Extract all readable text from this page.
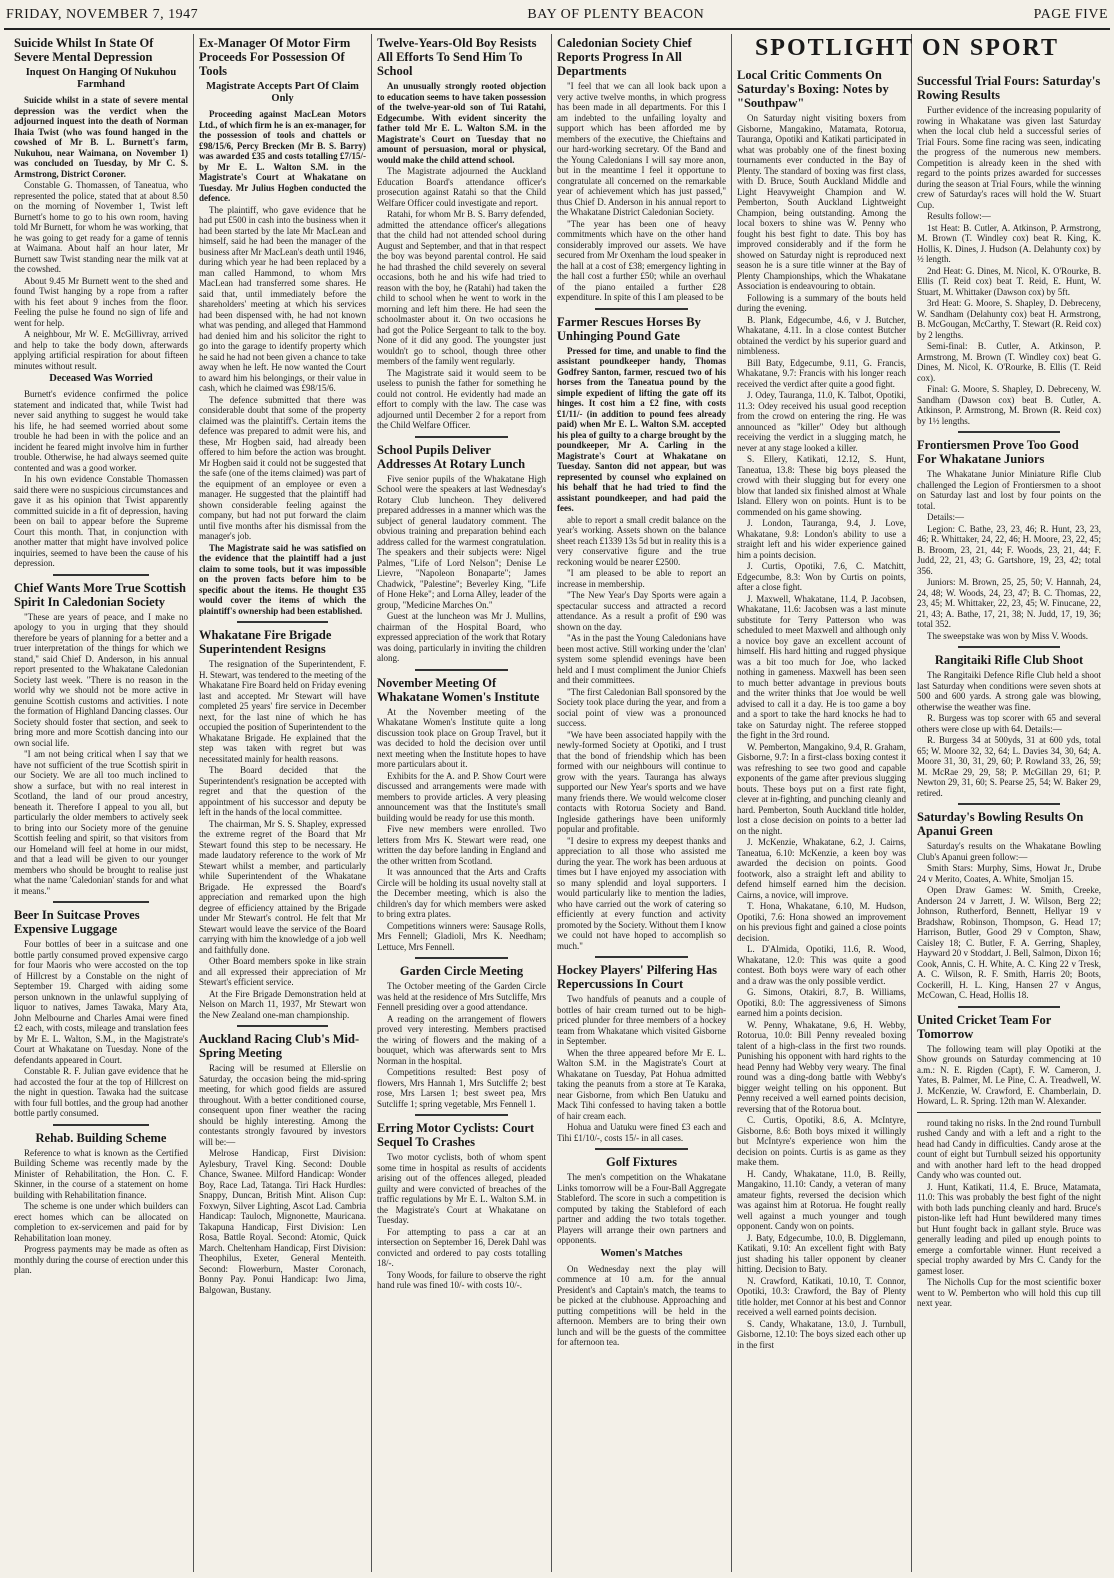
FRIDAY, NOVEMBER 7, 1947	BAY OF PLENTY BEACON	PAGE FIVE
Suicide Whilst In State Of Severe Mental Depression
Inquest On Hanging Of Nukuhou Farmhand

Suicide whilst in a state of severe mental depression was the verdict when the adjourned inquest into the death of Norman Ihaia Twist (who was found hanged in the cowshed of Mr B. L. Burnett's farm, Nukuhou, near Waimana, on November 1) was concluded on Tuesday, by Mr C. S. Armstrong, District Coroner.

Constable G. Thomassen, of Taneatua, who represented the police, stated that at about 8.50 on the morning of November 1, Twist left Burnett's home to go to his own room, having told Mr Burnett, for whom he was working, that he was going to get ready for a game of tennis at Waimana. About half an hour later, Mr Burnett saw Twist standing near the milk vat at the cowshed.

About 9.45 Mr Burnett went to the shed and found Twist hanging by a rope from a rafter with his feet about 9 inches from the floor. Feeling the pulse he found no sign of life and went for help.

A neighbour, Mr W. E. McGillivray, arrived and help to take the body down, afterwards applying artificial respiration for about fifteen minutes without result.

Deceased Was Worried

Burnett's evidence confirmed the police statement and indicated that, while Twist had never said anything to suggest he would take his life, he had seemed worried about some trouble he had been in with the police and an incident he feared might involve him in further trouble. Otherwise, he had always seemed quite contented and was a good worker.

In his own evidence Constable Thomassen said there were no suspicious circumstances and gave it as his opinion that Twist apparently committed suicide in a fit of depression, having been on bail to appear before the Supreme Court this month. That, in conjunction with another matter that might have involved police inquiries, seemed to have been the cause of his depression.

Chief Wants More True Scottish Spirit In Caledonian Society

"These are years of peace, and I make no apology to you in urging that they should therefore be years of planning for a better and a truer interpretation of the things for which we stand," said Chief D. Anderson, in his annual report presented to the Whakatane Caledonian Society last week. "There is no reason in the world why we should not be more active in genuine Scottish customs and activities. I note the formation of Highland Dancing classes. Our Society should foster that section, and seek to bring more and more Scottish dancing into our own social life.

"I am not being critical when I say that we have not sufficient of the true Scottish spirit in our Society. We are all too much inclined to show a surface, but with no real interest in Scotland, the land of our proud ancestry, beneath it. Therefore I appeal to you all, but particularly the older members to actively seek to bring into our Society more of the genuine Scottish feeling and spirit, so that visitors from our Homeland will feel at home in our midst, and that a lead will be given to our younger members who should be brought to realise just what the name 'Caledonian' stands for and what it means."

Beer In Suitcase Proves Expensive Luggage

Four bottles of beer in a suitcase and one bottle partly consumed proved expensive cargo for four Maoris who were accosted on the top of Hillcrest by a Constable on the night of September 19. Charged with aiding some person unknown in the unlawful supplying of liquor to natives, James Tawaka, Mary Ata, John Melbourne and Charles Amai were fined £2 each, with costs, mileage and translation fees by Mr E. L. Walton, S.M., in the Magistrate's Court at Whakatane on Tuesday. None of the defendants appeared in Court.

Constable R. F. Julian gave evidence that he had accosted the four at the top of Hillcrest on the night in question. Tawaka had the suitcase with four full bottles, and the group had another bottle partly consumed.

Rehab. Building Scheme

Reference to what is known as the Certified Building Scheme was recently made by the Minister of Rehabilitation, the Hon. C. F. Skinner, in the course of a statement on home building with Rehabilitation finance.

The scheme is one under which builders can erect homes which can be allocated on completion to ex-servicemen and paid for by Rehabilitation loan money.

Progress payments may be made as often as monthly during the course of erection under this plan.

Ex-Manager Of Motor Firm Proceeds For Possession Of Tools
Magistrate Accepts Part Of Claim Only

Proceeding against MacLean Motors Ltd., of which firm he is an ex-manager, for the possession of tools and chattels or £98/15/6, Percy Brecken (Mr B. S. Barry) was awarded £35 and costs totalling £7/15/- by Mr E. L. Walton S.M. in the Magistrate's Court at Whakatane on Tuesday. Mr Julius Hogben conducted the defence.

The plaintiff, who gave evidence that he had put £500 in cash into the business when it had been started by the late Mr MacLean and himself, said he had been the manager of the business after Mr MacLean's death until 1946, during which year he had been replaced by a man called Hammond, to whom Mrs MacLean had transferred some shares. He said that, until immediately before the shareholders' meeting at which his services had been dispensed with, he had not known what was pending, and alleged that Hammond had denied him and his solicitor the right to go into the garage to identify property which he said he had not been given a chance to take away when he left. He now wanted the Court to award him his belongings, or their value in cash, which he claimed was £98/15/6.

The defence submitted that there was considerable doubt that some of the property claimed was the plaintiff's. Certain items the defence was prepared to admit were his, and these, Mr Hogben said, had already been offered to him before the action was brought. Mr Hogben said it could not be suggested that the safe (one of the items claimed) was part of the equipment of an employee or even a manager. He suggested that the plaintiff had shown considerable feeling against the company, but had not put forward the claim until five months after his dismissal from the manager's job.

The Magistrate said he was satisfied on the evidence that the plaintiff had a just claim to some tools, but it was impossible on the proven facts before him to be specific about the items. He thought £35 would cover the items of which the plaintiff's ownership had been established.

Whakatane Fire Brigade Superintendent Resigns

The resignation of the Superintendent, F. H. Stewart, was tendered to the meeting of the Whakatane Fire Board held on Friday evening last and accepted. Mr Stewart will have completed 25 years' fire service in December next, for the last nine of which he has occupied the position of Superintendent to the Whakatane Brigade. He explained that the step was taken with regret but was necessitated mainly for health reasons.

The Board decided that the Superintendent's resignation be accepted with regret and that the question of the appointment of his successor and deputy be left in the hands of the local committee.

The chairman, Mr S. S. Shapley, expressed the extreme regret of the Board that Mr Stewart found this step to be necessary. He made laudatory reference to the work of Mr Stewart whilst a member, and particularly while Superintendent of the Whakatane Brigade. He expressed the Board's appreciation and remarked upon the high degree of efficiency attained by the Brigade under Mr Stewart's control. He felt that Mr Stewart would leave the service of the Board carrying with him the knowledge of a job well and faithfully done.

Other Board members spoke in like strain and all expressed their appreciation of Mr Stewart's efficient service.

At the Fire Brigade Demonstration held at Nelson on March 11, 1937, Mr Stewart won the New Zealand one-man championship.

Auckland Racing Club's Mid-Spring Meeting

Racing will be resumed at Ellerslie on Saturday, the occasion being the mid-spring meeting, for which good fields are assured throughout. With a better conditioned course, consequent upon finer weather the racing should be highly interesting. Among the contestants strongly favoured by investors will be:—

Melrose Handicap, First Division: Aylesbury, Travel King. Second: Double Chance, Swanee. Milford Handicap: Wonder Boy, Race Lad, Tatanga. Tiri Hack Hurdles: Snappy, Duncan, British Mint. Alison Cup: Foxwyn, Silver Lighting, Ascot Lad. Cambria Handicap: Tauloch, Mignonette, Mauricana. Takapuna Handicap, First Division: Len Rosa, Battle Royal. Second: Atomic, Quick March. Cheltenham Handicap, First Division: Theophilus, Exeter, General Menteith. Second: Flowerburn, Master Coronach, Bonny Pay. Ponui Handicap: Iwo Jima, Balgowan, Bustany.

Twelve-Years-Old Boy Resists All Efforts To Send Him To School

An unusually strongly rooted objection to education seems to have taken possession of the twelve-year-old son of Tui Ratahi, Edgecumbe. With evident sincerity the father told Mr E. L. Walton S.M. in the Magistrate's Court on Tuesday that no amount of persuasion, moral or physical, would make the child attend school.

The Magistrate adjourned the Auckland Education Board's attendance officer's prosecution against Ratahi so that the Child Welfare Officer could investigate and report.

Ratahi, for whom Mr B. S. Barry defended, admitted the attendance officer's allegations that the child had not attended school during August and September, and that in that respect the boy was beyond parental control. He said he had thrashed the child severely on several occasions, both he and his wife had tried to reason with the boy, he (Ratahi) had taken the child to school when he went to work in the morning and left him there. He had seen the schoolmaster about it. On two occasions he had got the Police Sergeant to talk to the boy. None of it did any good. The youngster just wouldn't go to school, though three other members of the family went regularly.

The Magistrate said it would seem to be useless to punish the father for something he could not control. He evidently had made an effort to comply with the law. The case was adjourned until December 2 for a report from the Child Welfare Officer.

School Pupils Deliver Addresses At Rotary Lunch

Five senior pupils of the Whakatane High School were the speakers at last Wednesday's Rotary Club luncheon. They delivered prepared addresses in a manner which was the subject of general laudatory comment. The obvious training and preparation behind each address called for the warmest congratulation. The speakers and their subjects were: Nigel Palmes, "Life of Lord Nelson"; Denise Le Lievre, "Napoleon Bonaparte"; James Chadwick, "Palestine"; Beverley King, "Life of Hone Heke"; and Lorna Alley, leader of the group, "Medicine Marches On."

Guest at the luncheon was Mr J. Mullins, chairman of the Hospital Board, who expressed appreciation of the work that Rotary was doing, particularly in inviting the children along.

November Meeting Of Whakatane Women's Institute

At the November meeting of the Whakatane Women's Institute quite a long discussion took place on Group Travel, but it was decided to hold the decision over until next meeting when the Institute hopes to have more particulars about it.

Exhibits for the A. and P. Show Court were discussed and arrangements were made with members to provide articles. A very pleasing announcement was that the Institute's small building would be ready for use this month.

Five new members were enrolled. Two letters from Mrs K. Stewart were read, one written the day before landing in England and the other written from Scotland.

It was announced that the Arts and Crafts Circle will be holding its usual novelty stall at the December meeting, which is also the children's day for which members were asked to bring extra plates.

Competitions winners were: Sausage Rolls, Mrs Fennell; Gladioli, Mrs K. Needham; Lettuce, Mrs Fennell.

Garden Circle Meeting

The October meeting of the Garden Circle was held at the residence of Mrs Sutcliffe, Mrs Fennell presiding over a good attendance.

A reading on the arrangement of flowers proved very interesting. Members practised the wiring of flowers and the making of a bouquet, which was afterwards sent to Mrs Norman in the hospital.

Competitions resulted: Best posy of flowers, Mrs Hannah 1, Mrs Sutcliffe 2; best rose, Mrs Larsen 1; best sweet pea, Mrs Sutcliffe 1; spring vegetable, Mrs Fennell 1.

Erring Motor Cyclists: Court Sequel To Crashes

Two motor cyclists, both of whom spent some time in hospital as results of accidents arising out of the offences alleged, pleaded guilty and were convicted of breaches of the traffic regulations by Mr E. L. Walton S.M. in the Magistrate's Court at Whakatane on Tuesday.

For attempting to pass a car at an intersection on September 16, Derek Dahl was convicted and ordered to pay costs totalling 18/-.

Tony Woods, for failure to observe the right hand rule was fined 10/- with costs 10/-.

Caledonian Society Chief Reports Progress In All Departments

"I feel that we can all look back upon a very active twelve months, in which progress has been made in all departments. For this I am indebted to the unfailing loyalty and support which has been afforded me by members of the executive, the Chieftains and our hard-working secretary. Of the Band and the Young Caledonians I will say more anon, but in the meantime I feel it opportune to congratulate all concerned on the remarkable year of achievement which has just passed," thus Chief D. Anderson in his annual report to the Whakatane District Caledonian Society.

"The year has been one of heavy commitments which have on the other hand considerably improved our assets. We have secured from Mr Oxenham the loud speaker in the hall at a cost of £38; emergency lighting in the hall cost a further £50; while an overhaul of the piano entailed a further £28 expenditure. In spite of this I am pleased to be

Farmer Rescues Horses By Unhinging Pound Gate

Pressed for time, and unable to find the assistant poundkeeper handy, Thomas Godfrey Santon, farmer, rescued two of his horses from the Taneatua pound by the simple expedient of lifting the gate off its hinges. It cost him a £2 fine, with costs £1/11/- (in addition to pound fees already paid) when Mr E. L. Walton S.M. accepted his plea of guilty to a charge brought by the poundkeeper, Mr A. Carling in the Magistrate's Court at Whakatane on Tuesday. Santon did not appear, but was represented by counsel who explained on his behalf that he had tried to find the assistant poundkeeper, and had paid the fees.

able to report a small credit balance on the year's working. Assets shown on the balance sheet reach £1339 13s 5d but in reality this is a very conservative figure and the true reckoning would be nearer £2500.

"I am pleased to be able to report an increase in membership.

"The New Year's Day Sports were again a spectacular success and attracted a record attendance. As a result a profit of £90 was shown on the day.

"As in the past the Young Caledonians have been most active. Still working under the 'clan' system some splendid evenings have been held and I must compliment the Junior Chiefs and their committees.

"The first Caledonian Ball sponsored by the Society took place during the year, and from a social point of view was a pronounced success.

"We have been associated happily with the newly-formed Society at Opotiki, and I trust that the bond of friendship which has been formed with our neighbours will continue to grow with the years. Tauranga has always supported our New Year's sports and we have many friends there. We would welcome closer contacts with Rotorua Society and Band. Ingleside gatherings have been uniformly popular and profitable.

"I desire to express my deepest thanks and appreciation to all those who assisted me during the year. The work has been arduous at times but I have enjoyed my association with so many splendid and loyal supporters. I would particularly like to mention the ladies, who have carried out the work of catering so efficiently at every function and activity promoted by the Society. Without them I know we could not have hoped to accomplish so much."

Hockey Players' Pilfering Has Repercussions In Court

Two handfuls of peanuts and a couple of bottles of hair cream turned out to be high-priced plunder for three members of a hockey team from Whakatane which visited Gisborne in September.

When the three appeared before Mr E. L. Walton S.M. in the Magistrate's Court at Whakatane on Tuesday, Pat Hohua admitted taking the peanuts from a store at Te Karaka, near Gisborne, from which Ben Uatuku and Mack Tihi confessed to having taken a bottle of hair cream each.

Hohua and Uatuku were fined £3 each and Tihi £1/10/-, costs 15/- in all cases.

Golf Fixtures

The men's competition on the Whakatane Links tomorrow will be a Four-Ball Aggregate Stableford. The score in such a competition is computed by taking the Stableford of each partner and adding the two totals together. Players will arrange their own partners and opponents.

Women's Matches

On Wednesday next the play will commence at 10 a.m. for the annual President's and Captain's match, the teams to be picked at the clubhouse. Approaching and putting competitions will be held in the afternoon. Members are to bring their own lunch and will be the guests of the committee for afternoon tea.

SPOTLIGHT ON SPORT
Local Critic Comments On Saturday's Boxing: Notes by "Southpaw"

On Saturday night visiting boxers from Gisborne, Mangakino, Matamata, Rotorua, Tauranga, Opotiki and Katikati participated in what was probably one of the finest boxing tournaments ever conducted in the Bay of Plenty. The standard of boxing was first class, with D. Bruce, South Auckland Middle and Light Heavyweight Champion and W. Pemberton, South Auckland Lightweight Champion, being outstanding. Among the local boxers to shine was W. Penny who fought his best fight to date. This boy has improved considerably and if the form he showed on Saturday night is reproduced next season he is a sure title winner at the Bay of Plenty Championships, which the Whakatane Association is endeavouring to obtain.

Following is a summary of the bouts held during the evening.

B. Plank, Edgecumbe, 4.6, v J. Butcher, Whakatane, 4.11. In a close contest Butcher obtained the verdict by his superior guard and nimbleness.

Bill Baty, Edgecumbe, 9.11, G. Francis, Whakatane, 9.7: Francis with his longer reach received the verdict after quite a good fight.

J. Odey, Tauranga, 11.0, K. Talbot, Opotiki, 11.3: Odey received his usual good reception from the crowd on entering the ring. He was announced as "killer" Odey but although receiving the verdict in a slugging match, he never at any stage looked a killer.

S. Ellery, Katikati, 12.12, S. Hunt, Taneatua, 13.8: These big boys pleased the crowd with their slugging but for every one blow that landed six finished almost at Whale Island. Ellery won on points. Hunt is to be commended on his game showing.

J. London, Tauranga, 9.4, J. Love, Whakatane, 9.8: London's ability to use a straight left and his wider experience gained him a points decision.

J. Curtis, Opotiki, 7.6, C. Matchitt, Edgecumbe, 8.3: Won by Curtis on points, after a close fight.

J. Maxwell, Whakatane, 11.4, P. Jacobsen, Whakatane, 11.6: Jacobsen was a last minute substitute for Terry Patterson who was scheduled to meet Maxwell and although only a novice boy gave an excellent account of himself. His hard hitting and rugged physique was a bit too much for Joe, who lacked nothing in gameness. Maxwell has been seen to much better advantage in previous bouts and the writer thinks that Joe would be well advised to call it a day. He is too game a boy and a sport to take the hard knocks he had to take on Saturday night. The referee stopped the fight in the 3rd round.

W. Pemberton, Mangakino, 9.4, R. Graham, Gisborne, 9.7: In a first-class boxing contest it was refreshing to see two good and capable exponents of the game after previous slugging bouts. These boys put on a first rate fight, clever at in-fighting, and punching cleanly and hard. Pemberton, South Auckland title holder, lost a close decision on points to a better lad on the night.

J. McKenzie, Whakatane, 6.2, J. Cairns, Taneatua, 6.10: McKenzie, a keen boy was awarded the decision on points. Good footwork, also a straight left and ability to defend himself earned him the decision. Cairns, a novice, will improve.

T. Hona, Whakatane, 6.10, M. Hudson, Opotiki, 7.6: Hona showed an improvement on his previous fight and gained a close points decision.

L. D'Almida, Opotiki, 11.6, R. Wood, Whakatane, 12.0: This was quite a good contest. Both boys were wary of each other and a draw was the only possible verdict.

G. Simons, Otakiri, 8.7, B. Williams, Opotiki, 8.0: The aggressiveness of Simons earned him a points decision.

W. Penny, Whakatane, 9.6, H. Webby, Rotorua, 10.0: Bill Penny revealed boxing talent of a high-class in the first two rounds. Punishing his opponent with hard rights to the head Penny had Webby very weary. The final round was a ding-dong battle with Webby's bigger weight telling on his opponent. But Penny received a well earned points decision, reversing that of the Rotorua bout.

C. Curtis, Opotiki, 8.6, A. McIntyre, Gisborne, 8.6: Both boys mixed it willingly but McIntyre's experience won him the decision on points. Curtis is as game as they make them.

H. Candy, Whakatane, 11.0, B. Reilly, Mangakino, 11.10: Candy, a veteran of many amateur fights, reversed the decision which was against him at Rotorua. He fought really well against a much younger and tough opponent. Candy won on points.

J. Baty, Edgecumbe, 10.0, B. Digglemann, Katikati, 9.10: An excellent fight with Baty just shading his taller opponent by cleaner hitting. Decision to Baty.

N. Crawford, Katikati, 10.10, T. Connor, Opotiki, 10.3: Crawford, the Bay of Plenty title holder, met Connor at his best and Connor received a well earned points decision.

S. Candy, Whakatane, 13.0, J. Turnbull, Gisborne, 12.10: The boys sized each other up in the first

Successful Trial Fours: Saturday's Rowing Results

Further evidence of the increasing popularity of rowing in Whakatane was given last Saturday when the local club held a successful series of Trial Fours. Some fine racing was seen, indicating the progress of the numerous new members. Competition is already keen in the shed with regard to the points prizes awarded for successes during the season at Trial Fours, while the winning crew of Saturday's races will hold the W. Stuart Cup.

Results follow:—

1st Heat: B. Cutler, A. Atkinson, P. Armstrong, M. Brown (T. Windley cox) beat R. King, K. Hollis, K. Dines, J. Hudson (A. Delahunty cox) by ½ length.

2nd Heat: G. Dines, M. Nicol, K. O'Rourke, B. Ellis (T. Reid cox) beat T. Reid, E. Hunt, W. Stuart, M. Whittaker (Dawson cox) by 5ft.

3rd Heat: G. Moore, S. Shapley, D. Debreceny, W. Sandham (Delahunty cox) beat H. Armstrong, B. McGougan, McCarthy, T. Stewart (R. Reid cox) by 2 lengths.

Semi-final: B. Cutler, A. Atkinson, P. Armstrong, M. Brown (T. Windley cox) beat G. Dines, M. Nicol, K. O'Rourke, B. Ellis (T. Reid cox).

Final: G. Moore, S. Shapley, D. Debreceny, W. Sandham (Dawson cox) beat B. Cutler, A. Atkinson, P. Armstrong, M. Brown (R. Reid cox) by 1½ lengths.

Frontiersmen Prove Too Good For Whakatane Juniors

The Whakatane Junior Miniature Rifle Club challenged the Legion of Frontiersmen to a shoot on Saturday last and lost by four points on the total.

Details:—

Legion: C. Bathe, 23, 23, 46; R. Hunt, 23, 23, 46; R. Whittaker, 24, 22, 46; H. Moore, 23, 22, 45; B. Broom, 23, 21, 44; F. Woods, 23, 21, 44; F. Judd, 22, 21, 43; G. Gartshore, 19, 23, 42; total 356.

Juniors: M. Brown, 25, 25, 50; V. Hannah, 24, 24, 48; W. Woods, 24, 23, 47; B. C. Thomas, 22, 23, 45; M. Whittaker, 22, 23, 45; W. Finucane, 22, 21, 43; A. Bathe, 17, 21, 38; N. Judd, 17, 19, 36; total 352.

The sweepstake was won by Miss V. Woods.

Rangitaiki Rifle Club Shoot

The Rangitaiki Defence Rifle Club held a shoot last Saturday when conditions were seven shots at 500 and 600 yards. A strong gale was blowing, otherwise the weather was fine.

R. Burgess was top scorer with 65 and several others were close up with 64. Details:—

R. Burgess 34 at 500yds, 31 at 600 yds, total 65; W. Moore 32, 32, 64; L. Davies 34, 30, 64; A. Moore 31, 30, 31, 29, 60; P. Rowland 33, 26, 59; M. McRae 29, 29, 58; P. McGillan 29, 61; P. Newton 29, 31, 60; S. Pearse 25, 54; W. Baker 29, retired.

Saturday's Bowling Results On Apanui Green

Saturday's results on the Whakatane Bowling Club's Apanui green follow:—

Smith Stars: Murphy, Sims, Howat Jr., Drube 24 v Merito, Coates, A. White, Smoljan 15.

Open Draw Games: W. Smith, Creeke, Anderson 24 v Jarrett, J. W. Wilson, Berg 22; Johnson, Rutherford, Bennett, Hellyar 19 v Bradshaw, Robinson, Thompson, G. Head 17; Harrison, Butler, Good 29 v Compton, Shaw, Caisley 18; C. Butler, F. A. Gerring, Shapley, Hayward 20 v Stoddart, J. Bell, Salmon, Dixon 16; Cook, Annis, C. H. White, A. C. King 22 v Tresk, A. C. Wilson, R. F. Smith, Harris 20; Boots, Cockerill, H. L. King, Hansen 27 v Angus, McCowan, C. Head, Hollis 18.

United Cricket Team For Tomorrow

The following team will play Opotiki at the Show grounds on Saturday commencing at 10 a.m.: N. E. Rigden (Capt), F. W. Cameron, J. Yates, B. Palmer, M. Le Pine, C. A. Treadwell, W. J. McKenzie, W. Crawford, E. Chamberlain, D. Howard, L. R. Spring. 12th man W. Alexander.

round taking no risks. In the 2nd round Turnbull rushed Candy and with a left and a right to the head had Candy in difficulties. Candy arose at the count of eight but Turnbull seized his opportunity and with another hard left to the head dropped Candy who was counted out.

J. Hunt, Katikati, 11.4, E. Bruce, Matamata, 11.0: This was probably the best fight of the night with both lads punching cleanly and hard. Bruce's piston-like left had Hunt bewildered many times but Hunt fought back in gallant style. Bruce was generally leading and piled up enough points to emerge a comfortable winner. Hunt received a special trophy awarded by Mrs C. Candy for the gamest loser.

The Nicholls Cup for the most scientific boxer went to W. Pemberton who will hold this cup till next year.
